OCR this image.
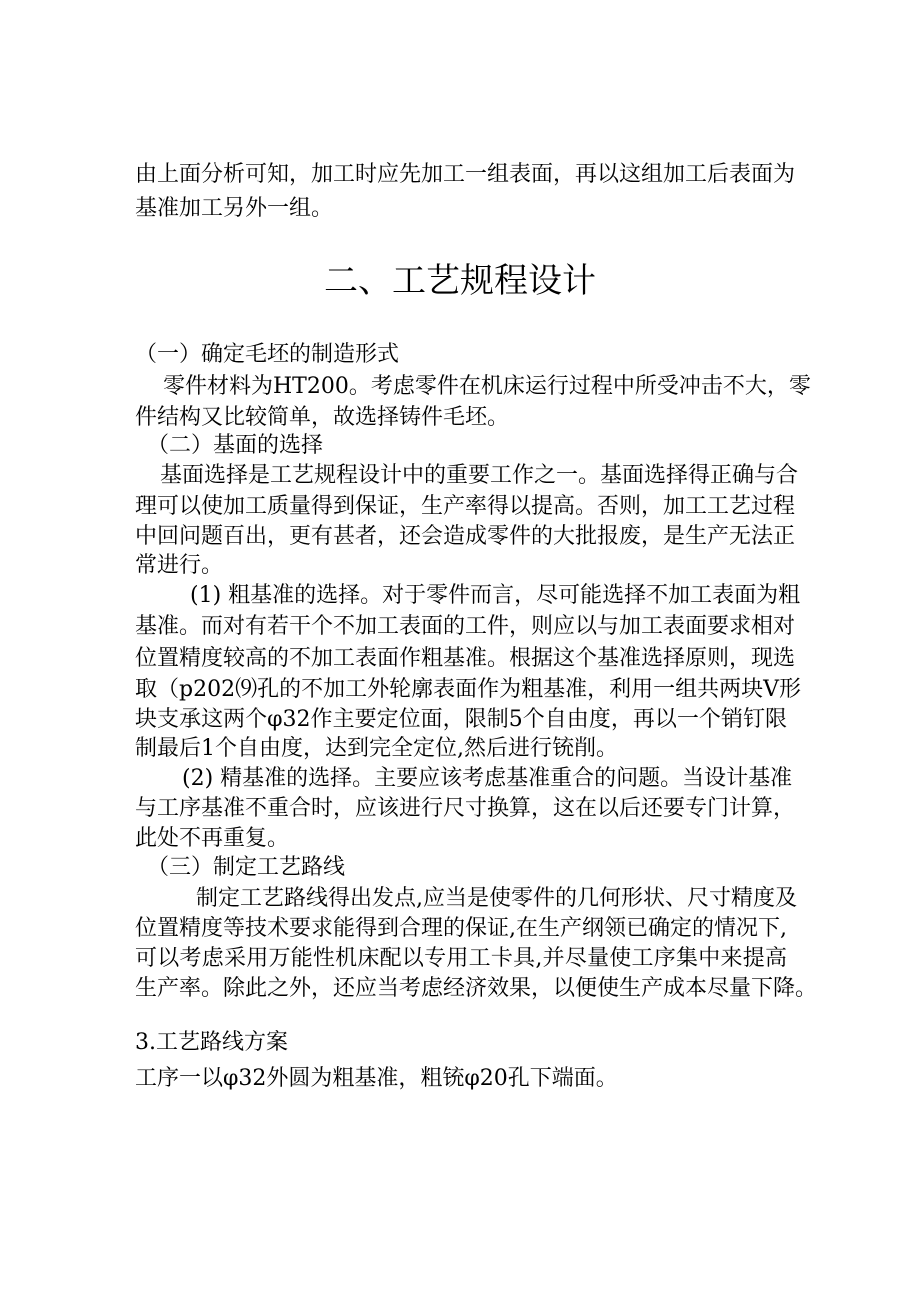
由上面分析可知，加工时应先加工一组表面，再以这组加工后表面为
基准加工另外一组。
二、工艺规程设计
（一）确定毛坯的制造形式
零件材料为HT200。考虑零件在机床运行过程中所受冲击不大，零
件结构又比较简单，故选择铸件毛坯。
（二）基面的选择
基面选择是工艺规程设计中的重要工作之一。基面选择得正确与合
理可以使加工质量得到保证，生产率得以提高。否则，加工工艺过程
中回问题百出，更有甚者，还会造成零件的大批报废，是生产无法正
常进行。
(1) 粗基准的选择。对于零件而言，尽可能选择不加工表面为粗
基准。而对有若干个不加工表面的工件，则应以与加工表面要求相对
位置精度较高的不加工表面作粗基准。根据这个基准选择原则，现选
取（p202⑼孔的不加工外轮廓表面作为粗基准，利用一组共两块V形
块支承这两个φ32作主要定位面，限制5个自由度，再以一个销钉限
制最后1个自由度，达到完全定位,然后进行铳削。
(2) 精基准的选择。主要应该考虑基准重合的问题。当设计基准
与工序基准不重合时，应该进行尺寸换算，这在以后还要专门计算，
此处不再重复。
（三）制定工艺路线
制定工艺路线得出发点,应当是使零件的几何形状、尺寸精度及
位置精度等技术要求能得到合理的保证,在生产纲领已确定的情况下,
可以考虑采用万能性机床配以专用工卡具,并尽量使工序集中来提高
生产率。除此之外，还应当考虑经济效果，以便使生产成本尽量下降。
3.工艺路线方案
工序一以φ32外圆为粗基准，粗铳φ20孔下端面。
